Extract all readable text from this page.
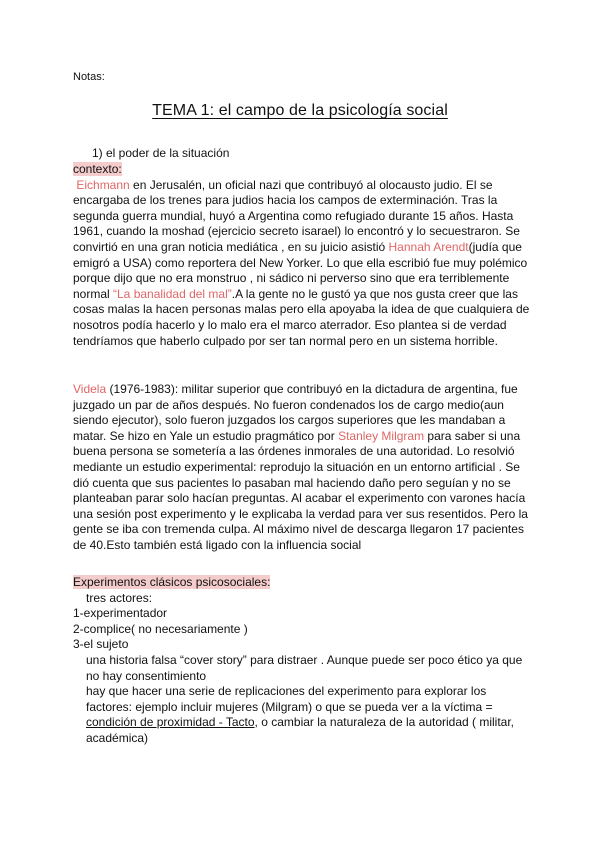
Notas:
TEMA 1: el campo de la psicología social
1) el poder de la situación
contexto:
Eichmann en Jerusalén, un oficial nazi que contribuyó al olocausto judio. El se encargaba de los trenes para judios hacia los campos de exterminación. Tras la segunda guerra mundial, huyó a Argentina como refugiado durante 15 años. Hasta 1961, cuando la moshad (ejercicio secreto isarael) lo encontró y lo secuestraron. Se convirtió en una gran noticia mediática , en su juicio asistió Hannah Arendt(judía que emigró a USA) como reportera del New Yorker. Lo que ella escribió fue muy polémico porque dijo que no era monstruo , ni sádico ni perverso sino que era terriblemente normal “La banalidad del mal”.A la gente no le gustó ya que nos gusta creer que las cosas malas la hacen personas malas pero ella apoyaba la idea de que cualquiera de nosotros podía hacerlo y lo malo era el marco aterrador. Eso plantea si de verdad tendríamos que haberlo culpado por ser tan normal pero en un sistema horrible.
Videla (1976-1983): militar superior que contribuyó en la dictadura de argentina, fue juzgado un par de años después. No fueron condenados los de cargo medio(aun siendo ejecutor), solo fueron juzgados los cargos superiores que les mandaban a matar. Se hizo en Yale un estudio pragmático por Stanley Milgram para saber si una buena persona se sometería a las órdenes inmorales de una autoridad. Lo resolvió mediante un estudio experimental: reprodujo la situación en un entorno artificial . Se dió cuenta que sus pacientes lo pasaban mal haciendo daño pero seguían y no se planteaban parar solo hacían preguntas. Al acabar el experimento con varones hacía una sesión post experimento y le explicaba la verdad para ver sus resentidos. Pero la gente se iba con tremenda culpa. Al máximo nivel de descarga llegaron 17 pacientes de 40.Esto también está ligado con la influencia social
Experimentos clásicos psicosociales:

tres actores:
1-experimentador
2-complice( no necesariamente )
3-el sujeto
una historia falsa “cover story” para distraer . Aunque puede ser poco ético ya que no hay consentimiento
hay que hacer una serie de replicaciones del experimento para explorar los factores: ejemplo incluir mujeres (Milgram) o que se pueda ver a la víctima = condición de proximidad - Tacto, o cambiar la naturaleza de la autoridad ( militar, académica)
